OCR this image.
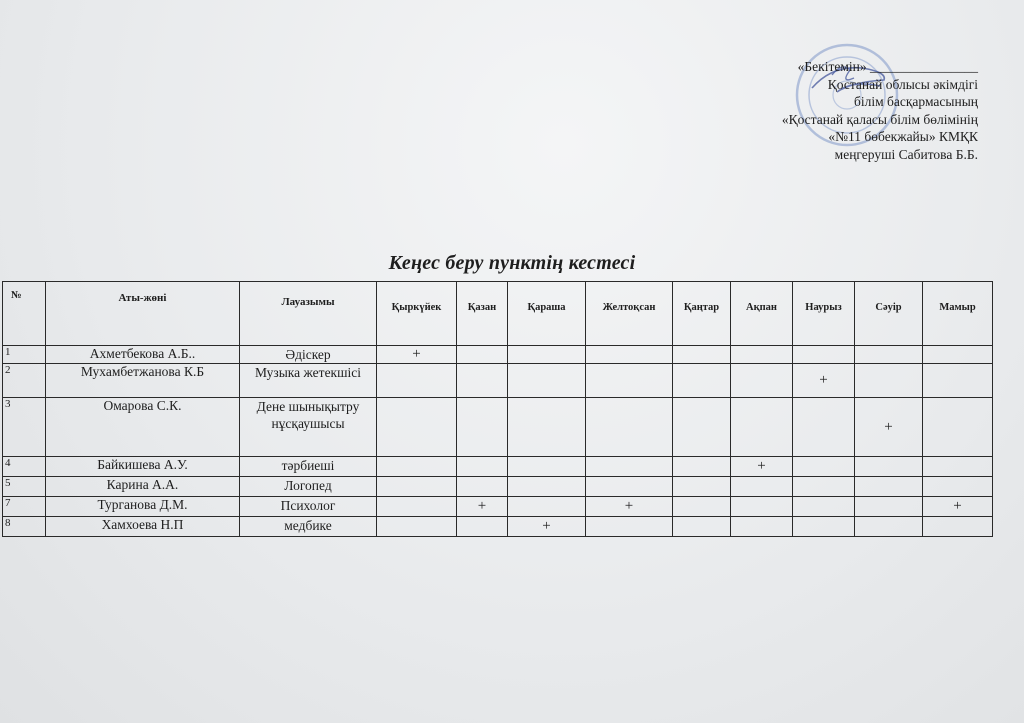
«Бекітемін» ________________
Қостанай облысы әкімдігі
білім басқармасының
«Қостанай қаласы білім бөлімінің
«№11 бөбекжайы» КМҚК
меңгеруші Сабитова Б.Б.
Кеңес беру пунктің кестесі
№	Аты-жөні	Лауазымы	Қыркүйек	Қазан	Қараша	Желтоқсан	Қаңтар	Ақпан	Наурыз	Сәуір	Мамыр
1	Ахметбекова А.Б..	Әдіскер	+								
2	Мухамбетжанова К.Б	Музыка жетекшісі							+		
3	Омарова С.К.	Дене шынықытру нұсқаушысы								+	
4	Байкишева А.У.	тәрбиеші						+			
5	Карина А.А.	Логопед									
7	Турганова Д.М.	Психолог		+		+					+
8	Хамхоева Н.П	медбике			+						
